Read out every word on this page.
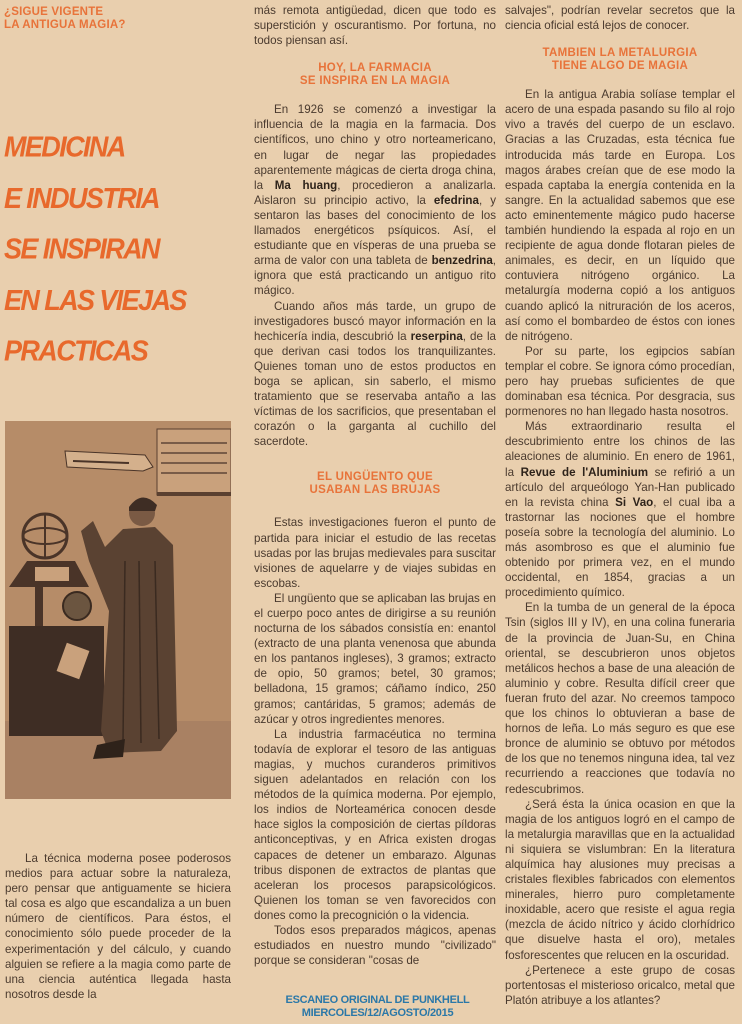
¿SIGUE VIGENTE
LA ANTIGUA MAGIA?
MEDICINA
E INDUSTRIA
SE INSPIRAN
EN LAS VIEJAS
PRACTICAS

La técnica moderna posee poderosos medios para actuar sobre la naturaleza, pero pensar que antiguamente se hiciera tal cosa es algo que escandaliza a un buen número de científicos. Para éstos, el conocimiento sólo puede proceder de la experimentación y del cálculo, y cuando alguien se refiere a la magia como parte de una ciencia auténtica llegada hasta nosotros desde la

más remota antigüedad, dicen que todo es superstición y oscurantismo. Por fortuna, no todos piensan así.

HOY, LA FARMACIA
SE INSPIRA EN LA MAGIA

En 1926 se comenzó a investigar la influencia de la magia en la farmacia. Dos científicos, uno chino y otro norteamericano, en lugar de negar las propiedades aparentemente mágicas de cierta droga china, la Ma huang, procedieron a analizarla. Aislaron su principio activo, la efedrina, y sentaron las bases del conocimiento de los llamados energéticos psíquicos. Así, el estudiante que en vísperas de una prueba se arma de valor con una tableta de benzedrina, ignora que está practicando un antiguo rito mágico.

Cuando años más tarde, un grupo de investigadores buscó mayor información en la hechicería india, descubrió la reserpina, de la que derivan casi todos los tranquilizantes. Quienes toman uno de estos productos en boga se aplican, sin saberlo, el mismo tratamiento que se reservaba antaño a las víctimas de los sacrificios, que presentaban el corazón o la garganta al cuchillo del sacerdote.

EL UNGÜENTO QUE
USABAN LAS BRUJAS

Estas investigaciones fueron el punto de partida para iniciar el estudio de las recetas usadas por las brujas medievales para suscitar visiones de aquelarre y de viajes subidas en escobas.

El ungüento que se aplicaban las brujas en el cuerpo poco antes de dirigirse a su reunión nocturna de los sábados consistía en: enantol (extracto de una planta venenosa que abunda en los pantanos ingleses), 3 gramos; extracto de opio, 50 gramos; betel, 30 gramos; belladona, 15 gramos; cáñamo índico, 250 gramos; cantáridas, 5 gramos; además de azúcar y otros ingredientes menores.

La industria farmacéutica no termina todavía de explorar el tesoro de las antiguas magias, y muchos curanderos primitivos siguen adelantados en relación con los métodos de la química moderna. Por ejemplo, los indios de Norteamérica conocen desde hace siglos la composición de ciertas píldoras anticonceptivas, y en Africa existen drogas capaces de detener un embarazo. Algunas tribus disponen de extractos de plantas que aceleran los procesos parapsicológicos. Quienen los toman se ven favorecidos con dones como la precognición o la videncia.

Todos esos preparados mágicos, apenas estudiados en nuestro mundo "civilizado" porque se consideran "cosas de

salvajes", podrían revelar secretos que la ciencia oficial está lejos de conocer.

TAMBIEN LA METALURGIA
TIENE ALGO DE MAGIA

En la antigua Arabia solíase templar el acero de una espada pasando su filo al rojo vivo a través del cuerpo de un esclavo. Gracias a las Cruzadas, esta técnica fue introducida más tarde en Europa. Los magos árabes creían que de ese modo la espada captaba la energía contenida en la sangre. En la actualidad sabemos que ese acto eminentemente mágico pudo hacerse también hundiendo la espada al rojo en un recipiente de agua donde flotaran pieles de animales, es decir, en un líquido que contuviera nitrógeno orgánico. La metalurgía moderna copió a los antiguos cuando aplicó la nitruración de los aceros, así como el bombardeo de éstos con iones de nitrógeno.

Por su parte, los egipcios sabían templar el cobre. Se ignora cómo procedían, pero hay pruebas suficientes de que dominaban esa técnica. Por desgracia, sus pormenores no han llegado hasta nosotros.

Más extraordinario resulta el descubrimiento entre los chinos de las aleaciones de aluminio. En enero de 1961, la Revue de l'Aluminium se refirió a un artículo del arqueólogo Yan-Han publicado en la revista china Si Vao, el cual iba a trastornar las nociones que el hombre poseía sobre la tecnología del aluminio. Lo más asombroso es que el aluminio fue obtenido por primera vez, en el mundo occidental, en 1854, gracias a un procedimiento químico.

En la tumba de un general de la época Tsin (siglos III y IV), en una colina funeraria de la provincia de Juan-Su, en China oriental, se descubrieron unos objetos metálicos hechos a base de una aleación de aluminio y cobre. Resulta difícil creer que fueran fruto del azar. No creemos tampoco que los chinos lo obtuvieran a base de hornos de leña. Lo más seguro es que ese bronce de aluminio se obtuvo por métodos de los que no tenemos ninguna idea, tal vez recurriendo a reacciones que todavía no redescubrimos.

¿Será ésta la única ocasion en que la magia de los antiguos logró en el campo de la metalurgia maravillas que en la actualidad ni siquiera se vislumbran: En la literatura alquímica hay alusiones muy precisas a cristales flexibles fabricados con elementos minerales, hierro puro completamente inoxidable, acero que resiste el agua regia (mezcla de ácido nítrico y ácido clorhídrico que disuelve hasta el oro), metales fosforescentes que relucen en la oscuridad.

¿Pertenece a este grupo de cosas portentosas el misterioso oricalco, metal que Platón atribuye a los atlantes?

ESCANEO ORIGINAL DE PUNKHELL
MIERCOLES/12/AGOSTO/2015
